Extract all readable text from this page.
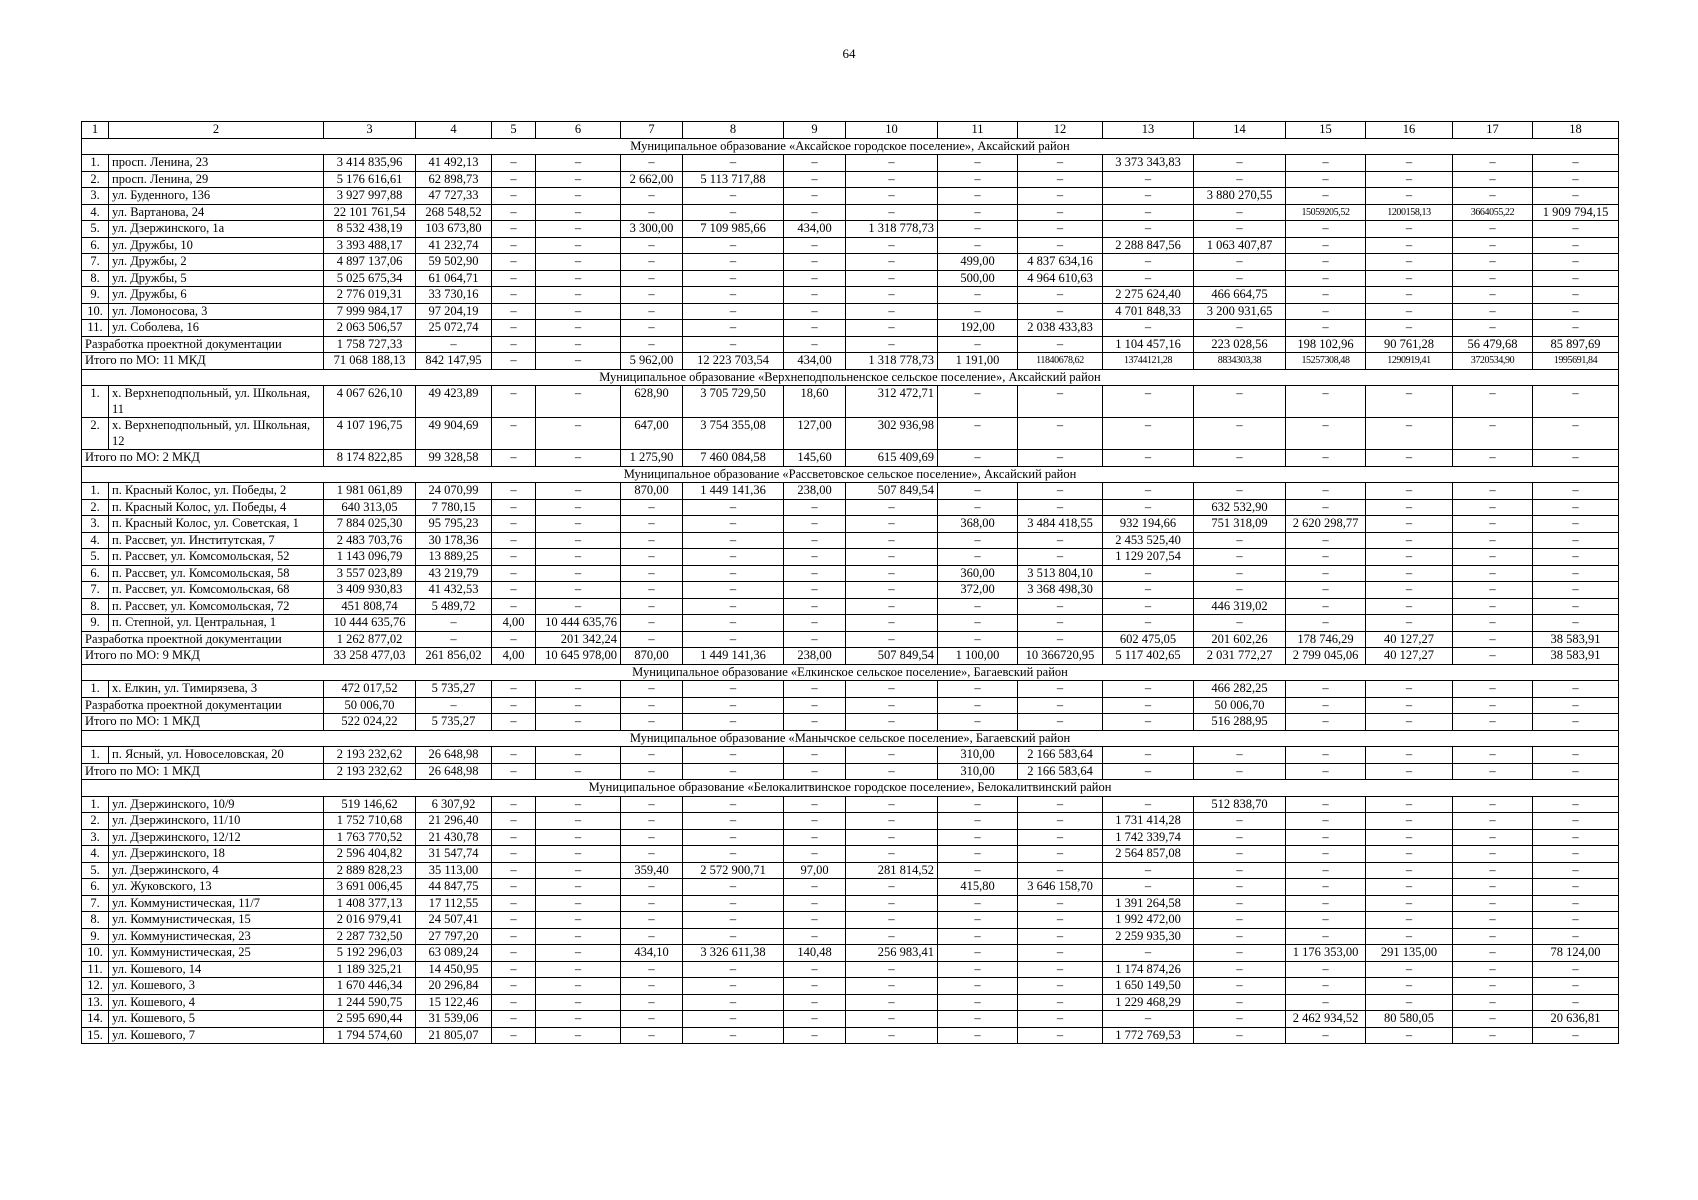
64
1	2	3	4	5	6	7	8	9	10	11	12	13	14	15	16	17	18
Муниципальное образование «Аксайское городское поселение», Аксайский район																	
1.	просп. Ленина, 23	3 414 835,96	41 492,13	–	–	–	–	–	–	–	–	3 373 343,83	–	–	–	–	–
2.	просп. Ленина, 29	5 176 616,61	62 898,73	–	–	2 662,00	5 113 717,88	–	–	–	–	–	–	–	–	–	–
3.	ул. Буденного, 136	3 927 997,88	47 727,33	–	–	–	–	–	–	–	–	–	3 880 270,55	–	–	–	–
4.	ул. Вартанова, 24	22 101 761,54	268 548,52	–	–	–	–	–	–	–	–	–	–	15059205,52	1200158,13	3664055,22	1 909 794,15
5.	ул. Дзержинского, 1а	8 532 438,19	103 673,80	–	–	3 300,00	7 109 985,66	434,00	1 318 778,73	–	–	–	–	–	–	–	–
6.	ул. Дружбы, 10	3 393 488,17	41 232,74	–	–	–	–	–	–	–	–	2 288 847,56	1 063 407,87	–	–	–	–
7.	ул. Дружбы, 2	4 897 137,06	59 502,90	–	–	–	–	–	–	499,00	4 837 634,16	–	–	–	–	–	–
8.	ул. Дружбы, 5	5 025 675,34	61 064,71	–	–	–	–	–	–	500,00	4 964 610,63	–	–	–	–	–	–
9.	ул. Дружбы, 6	2 776 019,31	33 730,16	–	–	–	–	–	–	–	–	2 275 624,40	466 664,75	–	–	–	–
10.	ул. Ломоносова, 3	7 999 984,17	97 204,19	–	–	–	–	–	–	–	–	4 701 848,33	3 200 931,65	–	–	–	–
11.	ул. Соболева, 16	2 063 506,57	25 072,74	–	–	–	–	–	–	192,00	2 038 433,83	–	–	–	–	–	–
Разработка проектной документации		1 758 727,33	–	–	–	–	–	–	–	–	–	1 104 457,16	223 028,56	198 102,96	90 761,28	56 479,68	85 897,69
Итого по МО: 11 МКД		71 068 188,13	842 147,95	–	–	5 962,00	12 223 703,54	434,00	1 318 778,73	1 191,00	11840678,62	13744121,28	8834303,38	15257308,48	1290919,41	3720534,90	1995691,84
Муниципальное образование «Верхнеподпольненское сельское поселение», Аксайский район																	
1.	х. Верхнеподпольный, ул. Школьная, 11	4 067 626,10	49 423,89	–	–	628,90	3 705 729,50	18,60	312 472,71	–	–	–	–	–	–	–	–
2.	х. Верхнеподпольный, ул. Школьная, 12	4 107 196,75	49 904,69	–	–	647,00	3 754 355,08	127,00	302 936,98	–	–	–	–	–	–	–	–
Итого по МО: 2 МКД		8 174 822,85	99 328,58	–	–	1 275,90	7 460 084,58	145,60	615 409,69	–	–	–	–	–	–	–	–
Муниципальное образование «Рассветовское сельское поселение», Аксайский район																	
1.	п. Красный Колос, ул. Победы, 2	1 981 061,89	24 070,99	–	–	870,00	1 449 141,36	238,00	507 849,54	–	–	–	–	–	–	–	–
2.	п. Красный Колос, ул. Победы, 4	640 313,05	7 780,15	–	–	–	–	–	–	–	–	–	632 532,90	–	–	–	–
3.	п. Красный Колос, ул. Советская, 1	7 884 025,30	95 795,23	–	–	–	–	–	–	368,00	3 484 418,55	932 194,66	751 318,09	2 620 298,77	–	–	–
4.	п. Рассвет, ул. Институтская, 7	2 483 703,76	30 178,36	–	–	–	–	–	–	–	–	2 453 525,40	–	–	–	–	–
5.	п. Рассвет, ул. Комсомольская, 52	1 143 096,79	13 889,25	–	–	–	–	–	–	–	–	1 129 207,54	–	–	–	–	–
6.	п. Рассвет, ул. Комсомольская, 58	3 557 023,89	43 219,79	–	–	–	–	–	–	360,00	3 513 804,10	–	–	–	–	–	–
7.	п. Рассвет, ул. Комсомольская, 68	3 409 930,83	41 432,53	–	–	–	–	–	–	372,00	3 368 498,30	–	–	–	–	–	–
8.	п. Рассвет, ул. Комсомольская, 72	451 808,74	5 489,72	–	–	–	–	–	–	–	–	–	446 319,02	–	–	–	–
9.	п. Степной, ул. Центральная, 1	10 444 635,76	–	4,00	10 444 635,76	–	–	–	–	–	–	–	–	–	–	–	–
Разработка проектной документации		1 262 877,02	–	–	201 342,24	–	–	–	–	–	–	602 475,05	201 602,26	178 746,29	40 127,27	–	38 583,91
Итого по МО: 9 МКД		33 258 477,03	261 856,02	4,00	10 645 978,00	870,00	1 449 141,36	238,00	507 849,54	1 100,00	10 366720,95	5 117 402,65	2 031 772,27	2 799 045,06	40 127,27	–	38 583,91
Муниципальное образование «Елкинское сельское поселение», Багаевский район																	
1.	х. Елкин, ул. Тимирязева, 3	472 017,52	5 735,27	–	–	–	–	–	–	–	–	–	466 282,25	–	–	–	–
Разработка проектной документации		50 006,70	–	–	–	–	–	–	–	–	–	–	50 006,70	–	–	–	–
Итого по МО: 1 МКД		522 024,22	5 735,27	–	–	–	–	–	–	–	–	–	516 288,95	–	–	–	–
Муниципальное образование «Манычское сельское поселение», Багаевский район																	
1.	п. Ясный, ул. Новоселовская, 20	2 193 232,62	26 648,98	–	–	–	–	–	–	310,00	2 166 583,64	–	–	–	–	–	–
Итого по МО: 1 МКД		2 193 232,62	26 648,98	–	–	–	–	–	–	310,00	2 166 583,64	–	–	–	–	–	–
Муниципальное образование «Белокалитвинское городское поселение», Белокалитвинский район																	
1.	ул. Дзержинского, 10/9	519 146,62	6 307,92	–	–	–	–	–	–	–	–	–	512 838,70	–	–	–	–
2.	ул. Дзержинского, 11/10	1 752 710,68	21 296,40	–	–	–	–	–	–	–	–	1 731 414,28	–	–	–	–	–
3.	ул. Дзержинского, 12/12	1 763 770,52	21 430,78	–	–	–	–	–	–	–	–	1 742 339,74	–	–	–	–	–
4.	ул. Дзержинского, 18	2 596 404,82	31 547,74	–	–	–	–	–	–	–	–	2 564 857,08	–	–	–	–	–
5.	ул. Дзержинского, 4	2 889 828,23	35 113,00	–	–	359,40	2 572 900,71	97,00	281 814,52	–	–	–	–	–	–	–	–
6.	ул. Жуковского, 13	3 691 006,45	44 847,75	–	–	–	–	–	–	415,80	3 646 158,70	–	–	–	–	–	–
7.	ул. Коммунистическая, 11/7	1 408 377,13	17 112,55	–	–	–	–	–	–	–	–	1 391 264,58	–	–	–	–	–
8.	ул. Коммунистическая, 15	2 016 979,41	24 507,41	–	–	–	–	–	–	–	–	1 992 472,00	–	–	–	–	–
9.	ул. Коммунистическая, 23	2 287 732,50	27 797,20	–	–	–	–	–	–	–	–	2 259 935,30	–	–	–	–	–
10.	ул. Коммунистическая, 25	5 192 296,03	63 089,24	–	–	434,10	3 326 611,38	140,48	256 983,41	–	–	–	–	1 176 353,00	291 135,00	–	78 124,00
11.	ул. Кошевого, 14	1 189 325,21	14 450,95	–	–	–	–	–	–	–	–	1 174 874,26	–	–	–	–	–
12.	ул. Кошевого, 3	1 670 446,34	20 296,84	–	–	–	–	–	–	–	–	1 650 149,50	–	–	–	–	–
13.	ул. Кошевого, 4	1 244 590,75	15 122,46	–	–	–	–	–	–	–	–	1 229 468,29	–	–	–	–	–
14.	ул. Кошевого, 5	2 595 690,44	31 539,06	–	–	–	–	–	–	–	–	–	–	2 462 934,52	80 580,05	–	20 636,81
15.	ул. Кошевого, 7	1 794 574,60	21 805,07	–	–	–	–	–	–	–	–	1 772 769,53	–	–	–	–	–
